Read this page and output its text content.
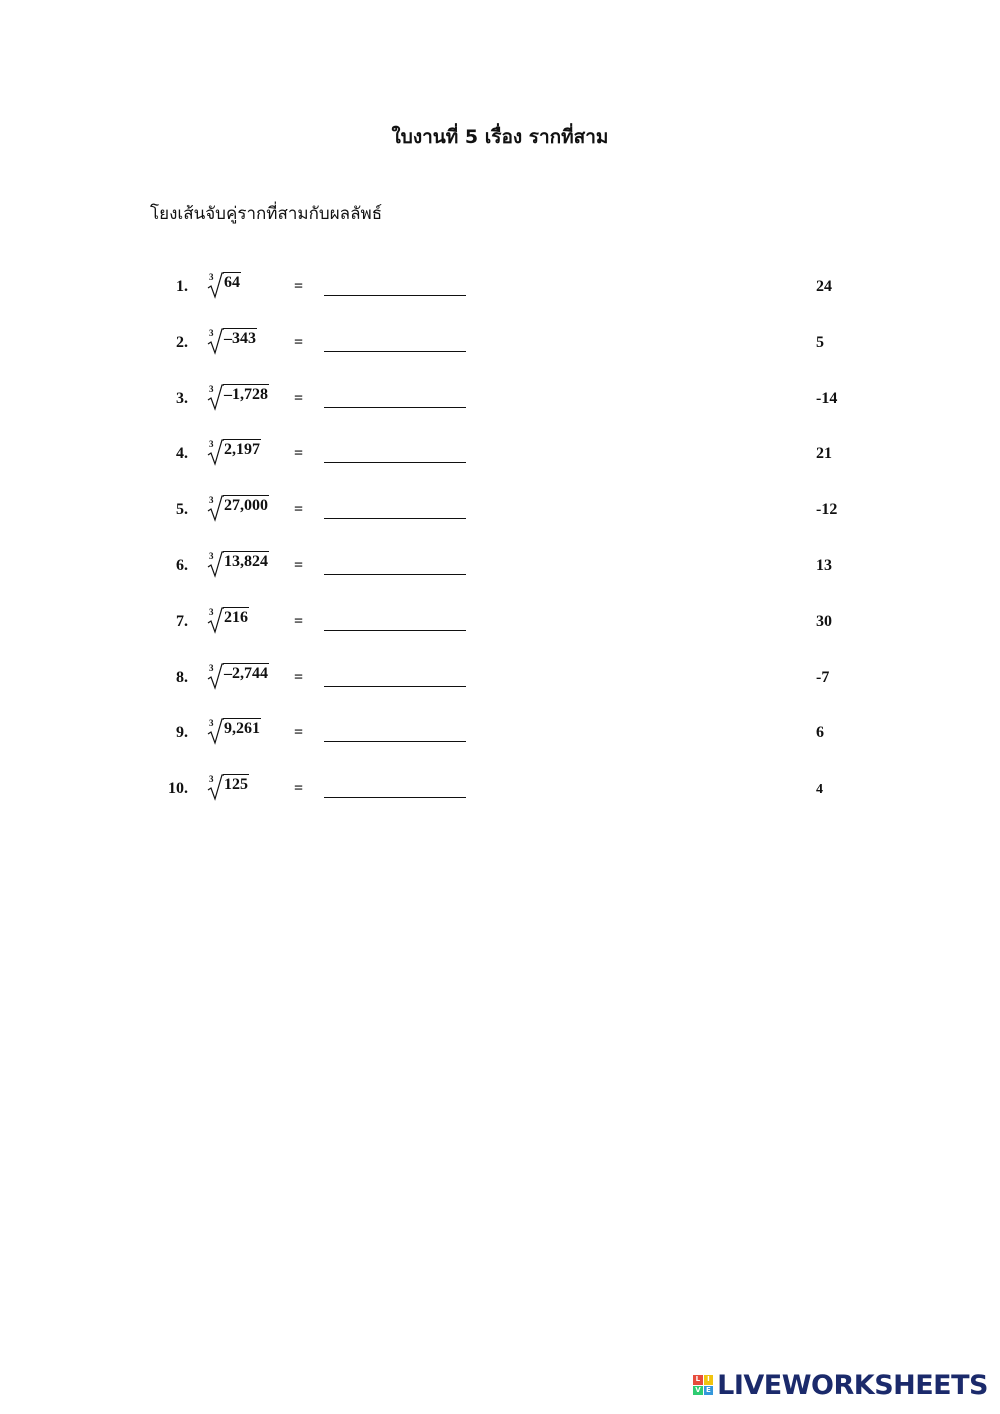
ใบงานที่ 5 เรื่อง รากที่สาม
โยงเส้นจับคู่รากที่สามกับผลลัพธ์
1.
3 64	=	24
2.
3 –343 =	5
3.
3 –1,728 =	-14
4.
3 2,197 =	21
5.
3 27,000 =	-12
6.
3 13,824 =	13
7.
3 216	=	30
8.
3 –2,744 =	-7
9.
3 9,261 =	6
10.
3 125	=	4
L I
V E LIVEWORKSHEETS
